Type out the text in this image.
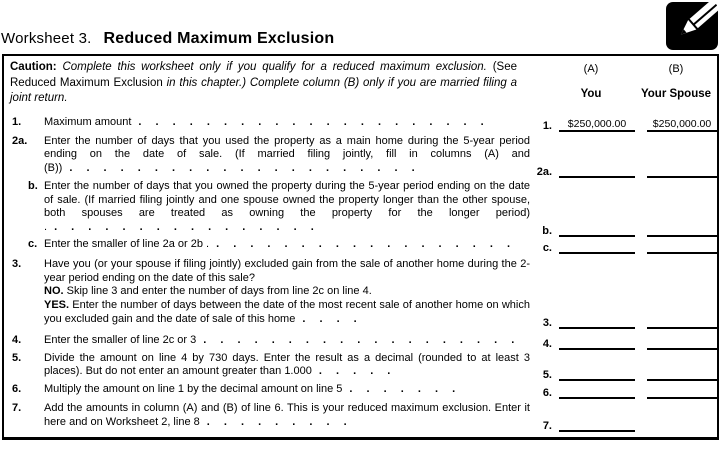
Worksheet 3. Reduced Maximum Exclusion
Caution: Complete this worksheet only if you qualify for a reduced maximum exclusion. (See Reduced Maximum Exclusion in this chapter.) Complete column (B) only if you are married filing a joint return.
(A)	(B)
You	Your Spouse
1.	Maximum amount . . . . . . . . . . . . . . . . . . . . .	1.	$250,000.00	$250,000.00
2a.	Enter the number of days that you used the property as a main home during the 5-year period ending on the date of sale. (If married filing jointly, fill in columns (A) and (B)) . . . . . . . . . . . . . . . . . . . . .	2a.
b. Enter the number of days that you owned the property during the 5-year period ending on the date of sale. (If married filing jointly and one spouse owned the property longer than the other spouse, both spouses are treated as owning the property for the longer period) . . . . . . . . . . . . . . . . .	b.
c. Enter the smaller of line 2a or 2b . . . . . . . . . . . . . . . . . . .	c.
3.	Have you (or your spouse if filing jointly) excluded gain from the sale of another home during the 2-year period ending on the date of this sale?
NO. Skip line 3 and enter the number of days from line 2c on line 4.
YES. Enter the number of days between the date of the most recent sale of another home on which you excluded gain and the date of sale of this home . . . .	3.
4.	Enter the smaller of line 2c or 3 . . . . . . . . . . . . . . . . . . .	4.
5.	Divide the amount on line 4 by 730 days. Enter the result as a decimal (rounded to at least 3 places). But do not enter an amount greater than 1.000 . . . . .	5.
6.	Multiply the amount on line 1 by the decimal amount on line 5 . . . . . . .	6.
7.	Add the amounts in column (A) and (B) of line 6. This is your reduced maximum exclusion. Enter it here and on Worksheet 2, line 8 . . . . . . . . .	7.
